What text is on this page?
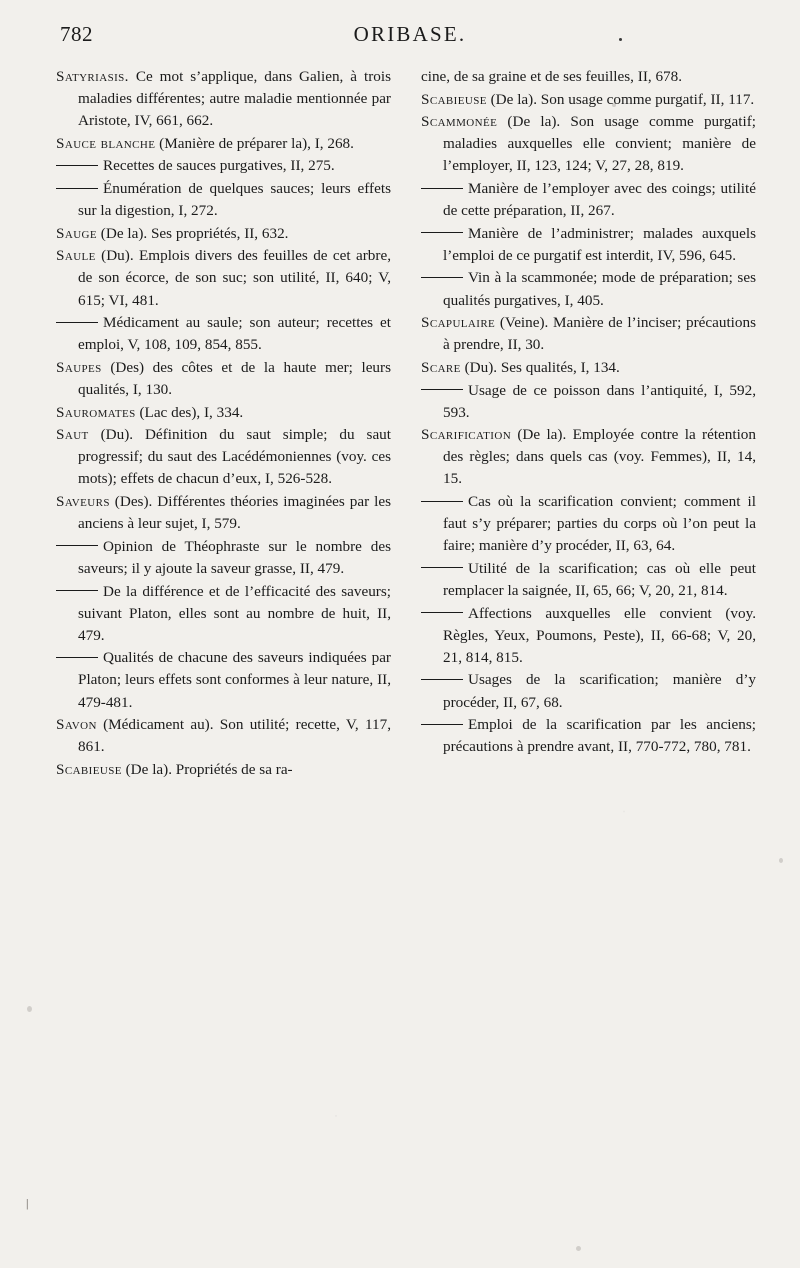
782	ORIBASE.

Satyriasis. Ce mot s’applique, dans Galien, à trois maladies différentes; autre maladie mentionnée par Aristote, IV, 661, 662.

Sauce blanche (Manière de préparer la), I, 268.

Recettes de sauces purgatives, II, 275.

Énumération de quelques sauces; leurs effets sur la digestion, I, 272.

Sauge (De la). Ses propriétés, II, 632.

Saule (Du). Emplois divers des feuilles de cet arbre, de son écorce, de son suc; son utilité, II, 640; V, 615; VI, 481.

Médicament au saule; son auteur; recettes et emploi, V, 108, 109, 854, 855.

Saupes (Des) des côtes et de la haute mer; leurs qualités, I, 130.

Sauromates (Lac des), I, 334.

Saut (Du). Définition du saut simple; du saut progressif; du saut des Lacédémoniennes (voy. ces mots); effets de chacun d’eux, I, 526-528.

Saveurs (Des). Différentes théories imaginées par les anciens à leur sujet, I, 579.

Opinion de Théophraste sur le nombre des saveurs; il y ajoute la saveur grasse, II, 479.

De la différence et de l’efficacité des saveurs; suivant Platon, elles sont au nombre de huit, II, 479.

Qualités de chacune des saveurs indiquées par Platon; leurs effets sont conformes à leur nature, II, 479-481.

Savon (Médicament au). Son utilité; recette, V, 117, 861.

Scabieuse (De la). Propriétés de sa ra-

cine, de sa graine et de ses feuilles, II, 678.

Scabieuse (De la). Son usage comme purgatif, II, 117.

Scammonée (De la). Son usage comme purgatif; maladies auxquelles elle convient; manière de l’employer, II, 123, 124; V, 27, 28, 819.

Manière de l’employer avec des coings; utilité de cette préparation, II, 267.

Manière de l’administrer; malades auxquels l’emploi de ce purgatif est interdit, IV, 596, 645.

Vin à la scammonée; mode de préparation; ses qualités purgatives, I, 405.

Scapulaire (Veine). Manière de l’inciser; précautions à prendre, II, 30.

Scare (Du). Ses qualités, I, 134.

Usage de ce poisson dans l’antiquité, I, 592, 593.

Scarification (De la). Employée contre la rétention des règles; dans quels cas (voy. Femmes), II, 14, 15.

Cas où la scarification convient; comment il faut s’y préparer; parties du corps où l’on peut la faire; manière d’y procéder, II, 63, 64.

Utilité de la scarification; cas où elle peut remplacer la saignée, II, 65, 66; V, 20, 21, 814.

Affections auxquelles elle convient (voy. Règles, Yeux, Poumons, Peste), II, 66-68; V, 20, 21, 814, 815.

Usages de la scarification; manière d’y procéder, II, 67, 68.

Emploi de la scarification par les anciens; précautions à prendre avant, II, 770-772, 780, 781.

|
